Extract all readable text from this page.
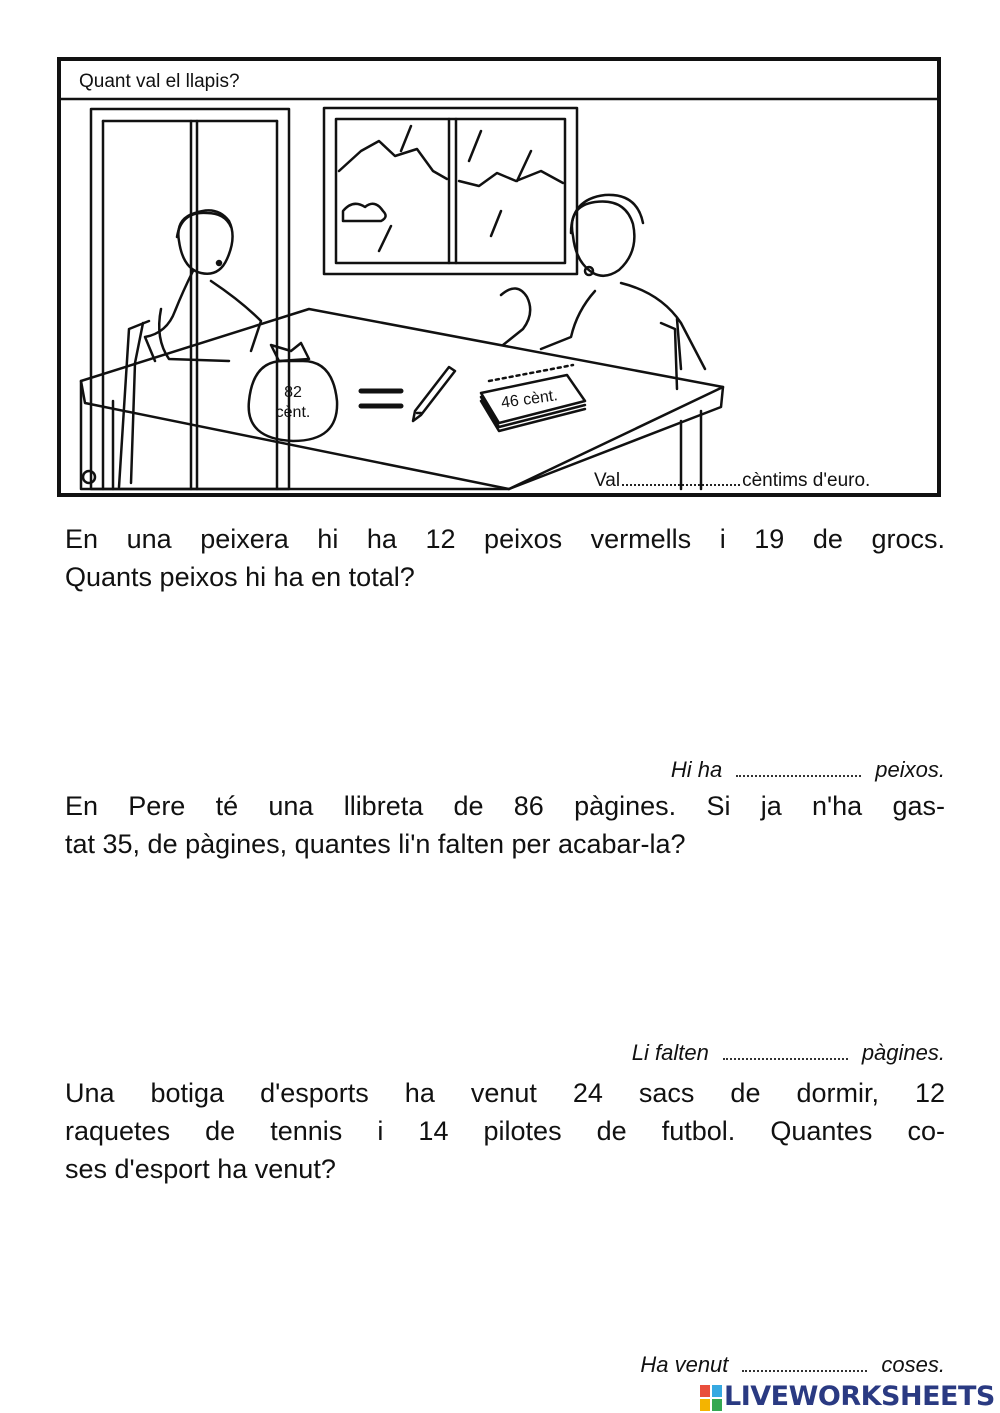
Quant val el llapis?
82
cènt.
46 cènt.
Val	cèntims d'euro.
En una peixera hi ha 12 peixos vermells i 19 de grocs.
Quants peixos hi ha en total?
Hi ha	peixos.
En Pere té una llibreta de 86 pàgines. Si ja n'ha gas-
tat 35, de pàgines, quantes li'n falten per acabar-la?
Li falten	pàgines.
Una botiga d'esports ha venut 24 sacs de dormir, 12
raquetes de tennis i 14 pilotes de futbol. Quantes co-
ses d'esport ha venut?
Ha venut	coses.
LIVEWORKSHEETS
